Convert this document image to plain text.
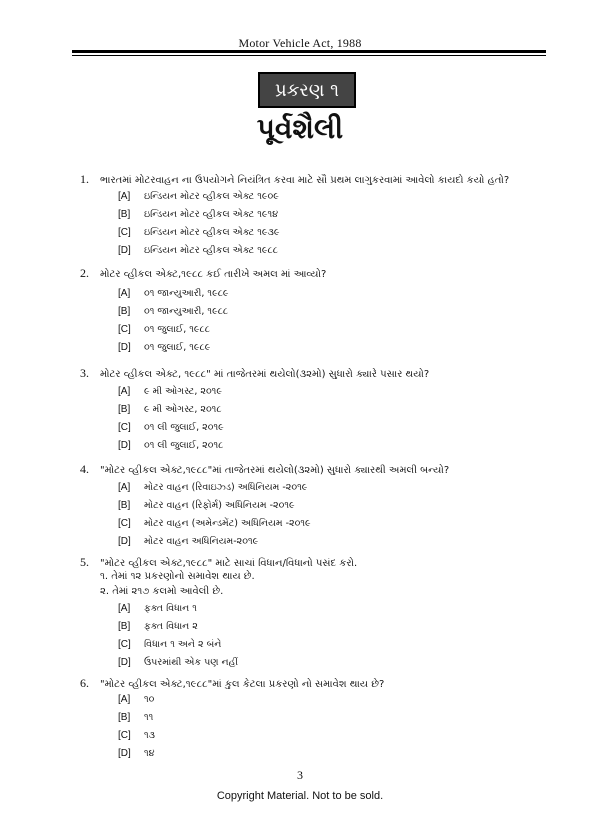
Motor Vehicle Act, 1988
પ્રકરણ ૧
પૂર્વશૈલી
1. ભારતમાં મોટરવાહન ના ઉપયોગને નિયંત્રિત કરવા માટે સૌ પ્રથમ લાગુકરવામાં આવેલો કાયદો કયો હતો?
[A] ઇન્ડિયન મોટર વ્હીકલ એક્ટ ૧૯૦૯
[B] ઇન્ડિયન મોટર વ્હીકલ એક્ટ ૧૯૧૪
[C] ઇન્ડિયન મોટર વ્હીકલ એક્ટ ૧૯૩૯
[D] ઇન્ડિયન મોટર વ્હીકલ એક્ટ ૧૯૮૮
2. મોટર વ્હીકલ એક્ટ,૧૯૮૮ કઈ તારીખે અમલ માં આવ્યો?
[A] ૦૧ જાન્યુઆરી, ૧૯૮૯
[B] ૦૧ જાન્યુઆરી, ૧૯૮૮
[C] ૦૧ જુલાઈ, ૧૯૮૮
[D] ૦૧ જુલાઈ, ૧૯૮૯
3. મોટર વ્હીકલ એક્ટ, ૧૯૮૮" માં તાજેતરમાં થયેલો(૩૨મો) સુધારો ક્યારે પસાર થયો?
[A] ૯ મી ઓગસ્ટ, ૨૦૧૯
[B] ૯ મી ઓગસ્ટ, ૨૦૧૮
[C] ૦૧ લી જુલાઈ, ૨૦૧૯
[D] ૦૧ લી જુલાઈ, ૨૦૧૮
4. "મોટર વ્હીકલ એક્ટ,૧૯૮૮"માં તાજેતરમાં થયેલો(૩૨મો) સુધારો ક્યારથી અમલી બન્યો?
[A] મોટર વાહન (રિવાઇઝ્ડ) અધિનિયમ -૨૦૧૯
[B] મોટર વાહન (રિફોર્મ) અધિનિયમ -૨૦૧૯
[C] મોટર વાહન (અમેન્ડમેંટ) અધિનિયમ -૨૦૧૯
[D] મોટર વાહન અધિનિયમ-૨૦૧૯
5. "મોટર વ્હીકલ એક્ટ,૧૯૮૮" માટે સાચાં વિધાન/વિધાનો પસંદ કરો.
૧. તેમાં ૧૨ પ્રકરણોનો સમાવેશ થાય છે.
૨. તેમાં ૨૧૭ કલમો આવેલી છે.
[A] ફક્ત વિધાન ૧
[B] ફક્ત વિધાન ૨
[C] વિધાન ૧ અને ૨ બંને
[D] ઉપરમાંથી એક પણ નહીં
6. "મોટર વ્હીકલ એક્ટ,૧૯૮૮"માં કુલ કેટલા પ્રકરણો નો સમાવેશ થાય છે?
[A] ૧૦
[B] ૧૧
[C] ૧૩
[D] ૧૪
3
Copyright Material. Not to be sold.
